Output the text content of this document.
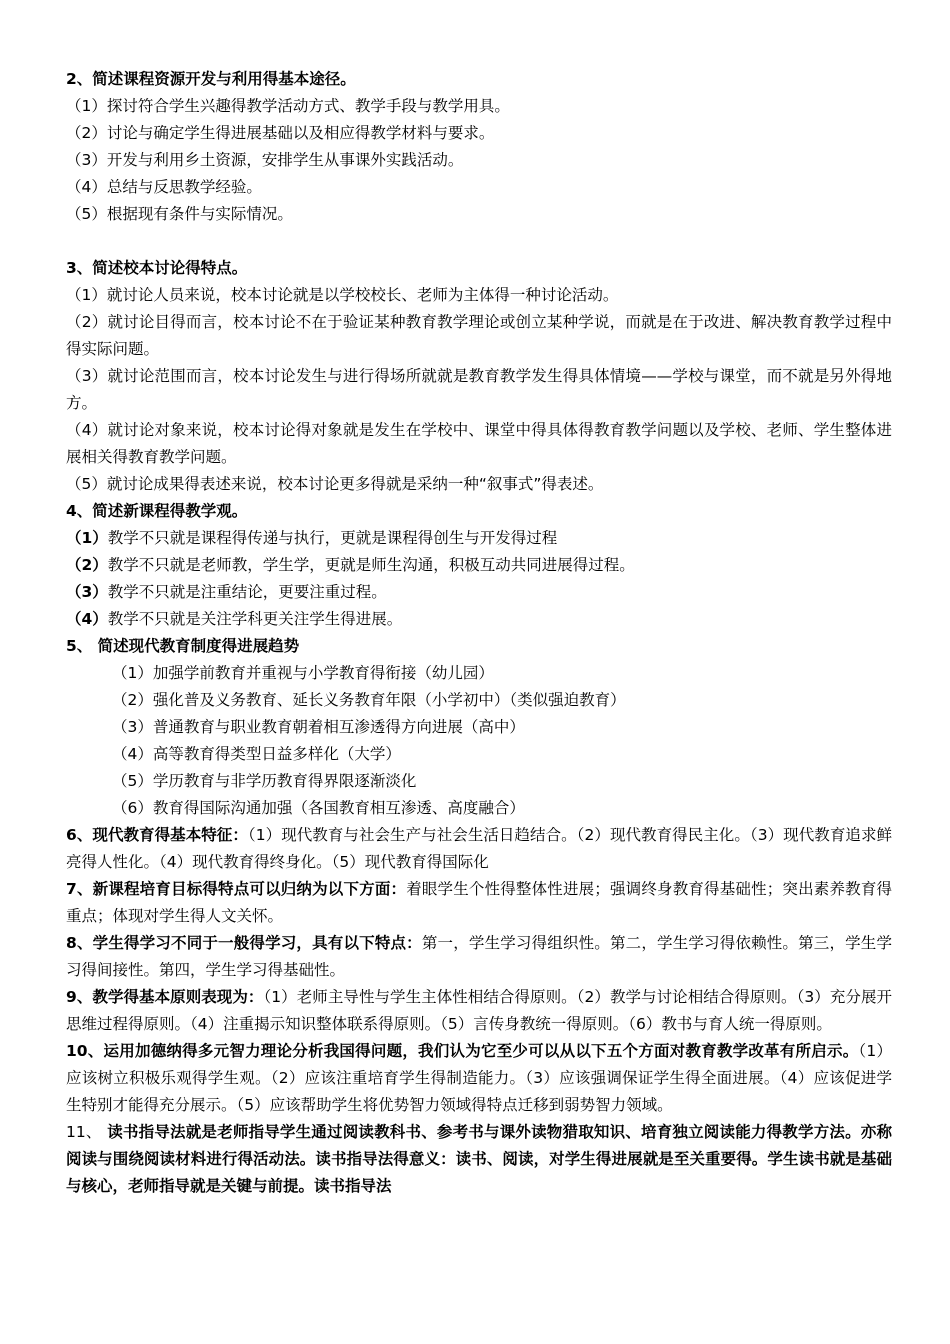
2、简述课程资源开发与利用得基本途径。
（1）探讨符合学生兴趣得教学活动方式、教学手段与教学用具。
（2）讨论与确定学生得进展基础以及相应得教学材料与要求。
（3）开发与利用乡土资源，安排学生从事课外实践活动。
（4）总结与反思教学经验。
（5）根据现有条件与实际情况。
3、简述校本讨论得特点。
（1）就讨论人员来说，校本讨论就是以学校校长、老师为主体得一种讨论活动。
（2）就讨论目得而言，校本讨论不在于验证某种教育教学理论或创立某种学说，而就是在于改进、解决教育教学过程中得实际问题。
（3）就讨论范围而言，校本讨论发生与进行得场所就就是教育教学发生得具体情境——学校与课堂，而不就是另外得地方。
（4）就讨论对象来说，校本讨论得对象就是发生在学校中、课堂中得具体得教育教学问题以及学校、老师、学生整体进展相关得教育教学问题。
（5）就讨论成果得表述来说，校本讨论更多得就是采纳一种“叙事式”得表述。
4、简述新课程得教学观。
（1）教学不只就是课程得传递与执行，更就是课程得创生与开发得过程
（2）教学不只就是老师教，学生学，更就是师生沟通，积极互动共同进展得过程。
（3）教学不只就是注重结论，更要注重过程。
（4）教学不只就是关注学科更关注学生得进展。
5、 简述现代教育制度得进展趋势
（1）加强学前教育并重视与小学教育得衔接（幼儿园）
（2）强化普及义务教育、延长义务教育年限（小学初中）（类似强迫教育）
（3）普通教育与职业教育朝着相互渗透得方向进展（高中）
（4）高等教育得类型日益多样化（大学）
（5）学历教育与非学历教育得界限逐渐淡化
（6）教育得国际沟通加强（各国教育相互渗透、高度融合）
6、现代教育得基本特征：（1）现代教育与社会生产与社会生活日趋结合。（2）现代教育得民主化。（3）现代教育追求鲜亮得人性化。（4）现代教育得终身化。（5）现代教育得国际化
7、新课程培育目标得特点可以归纳为以下方面：着眼学生个性得整体性进展；强调终身教育得基础性；突出素养教育得重点；体现对学生得人文关怀。
8、学生得学习不同于一般得学习，具有以下特点：第一，学生学习得组织性。第二，学生学习得依赖性。第三，学生学习得间接性。第四，学生学习得基础性。
9、教学得基本原则表现为：（1）老师主导性与学生主体性相结合得原则。（2）教学与讨论相结合得原则。（3）充分展开思维过程得原则。（4）注重揭示知识整体联系得原则。（5）言传身教统一得原则。（6）教书与育人统一得原则。
10、运用加德纳得多元智力理论分析我国得问题，我们认为它至少可以从以下五个方面对教育教学改革有所启示。（1）应该树立积极乐观得学生观。（2）应该注重培育学生得制造能力。（3）应该强调保证学生得全面进展。（4）应该促进学生特别才能得充分展示。（5）应该帮助学生将优势智力领域得特点迁移到弱势智力领域。
11、 读书指导法就是老师指导学生通过阅读教科书、参考书与课外读物猎取知识、培育独立阅读能力得教学方法。亦称阅读与围绕阅读材料进行得活动法。读书指导法得意义：读书、阅读，对学生得进展就是至关重要得。学生读书就是基础与核心，老师指导就是关键与前提。读书指导法
